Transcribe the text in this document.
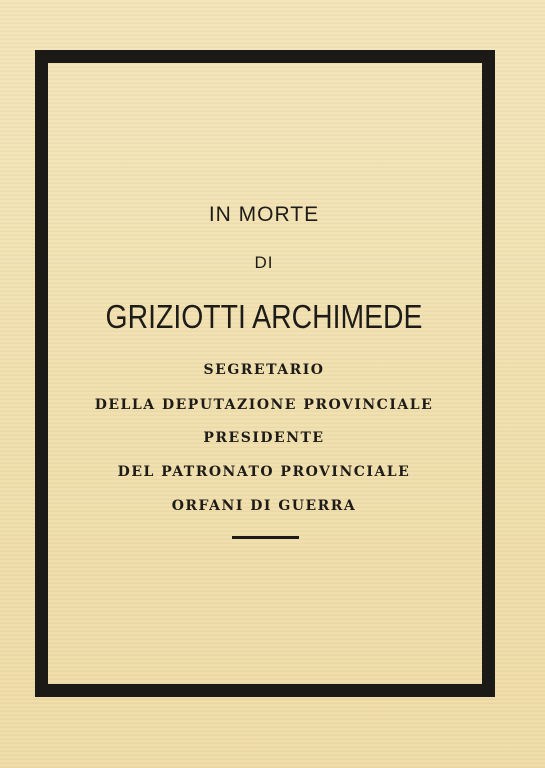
IN MORTE
DI
GRIZIOTTI ARCHIMEDE
SEGRETARIO
DELLA DEPUTAZIONE PROVINCIALE
PRESIDENTE
DEL PATRONATO PROVINCIALE
ORFANI DI GUERRA
